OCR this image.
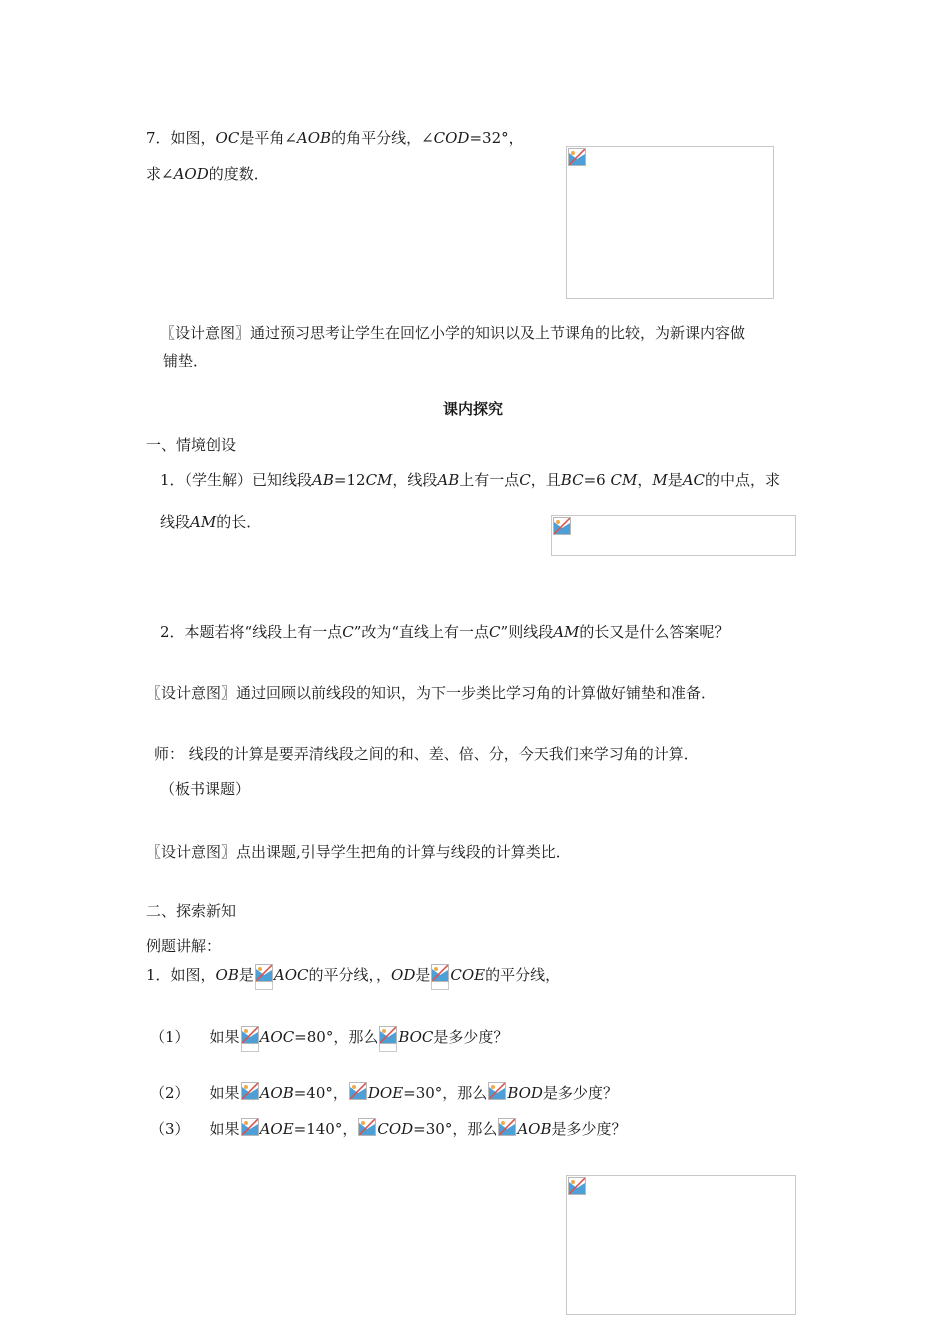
7．如图，OC是平角∠AOB的角平分线，∠COD=32°，
求∠AOD的度数．
〖设计意图〗通过预习思考让学生在回忆小学的知识以及上节课角的比较，为新课内容做
铺垫．
课内探究
一、情境创设
1．（学生解）已知线段AB=12CM，线段AB上有一点C，且BC=6 CM，M是AC的中点，求
线段AM的长．
2．本题若将“线段上有一点C”改为“直线上有一点C”则线段AM的长又是什么答案呢？
〖设计意图〗通过回顾以前线段的知识，为下一步类比学习角的计算做好铺垫和准备．
师： 线段的计算是要弄清线段之间的和、差、倍、分，今天我们来学习角的计算．
（板书课题）
〖设计意图〗点出课题,引导学生把角的计算与线段的计算类比．
二、探索新知
例题讲解：
1．如图，OB是 AOC的平分线，，OD是 COE的平分线，
（1） 如果 AOC=80°，那么 BOC是多少度？
（2） 如果 AOB=40°， DOE=30°，那么 BOD是多少度？
（3） 如果 AOE=140°， COD=30°，那么 AOB是多少度？
